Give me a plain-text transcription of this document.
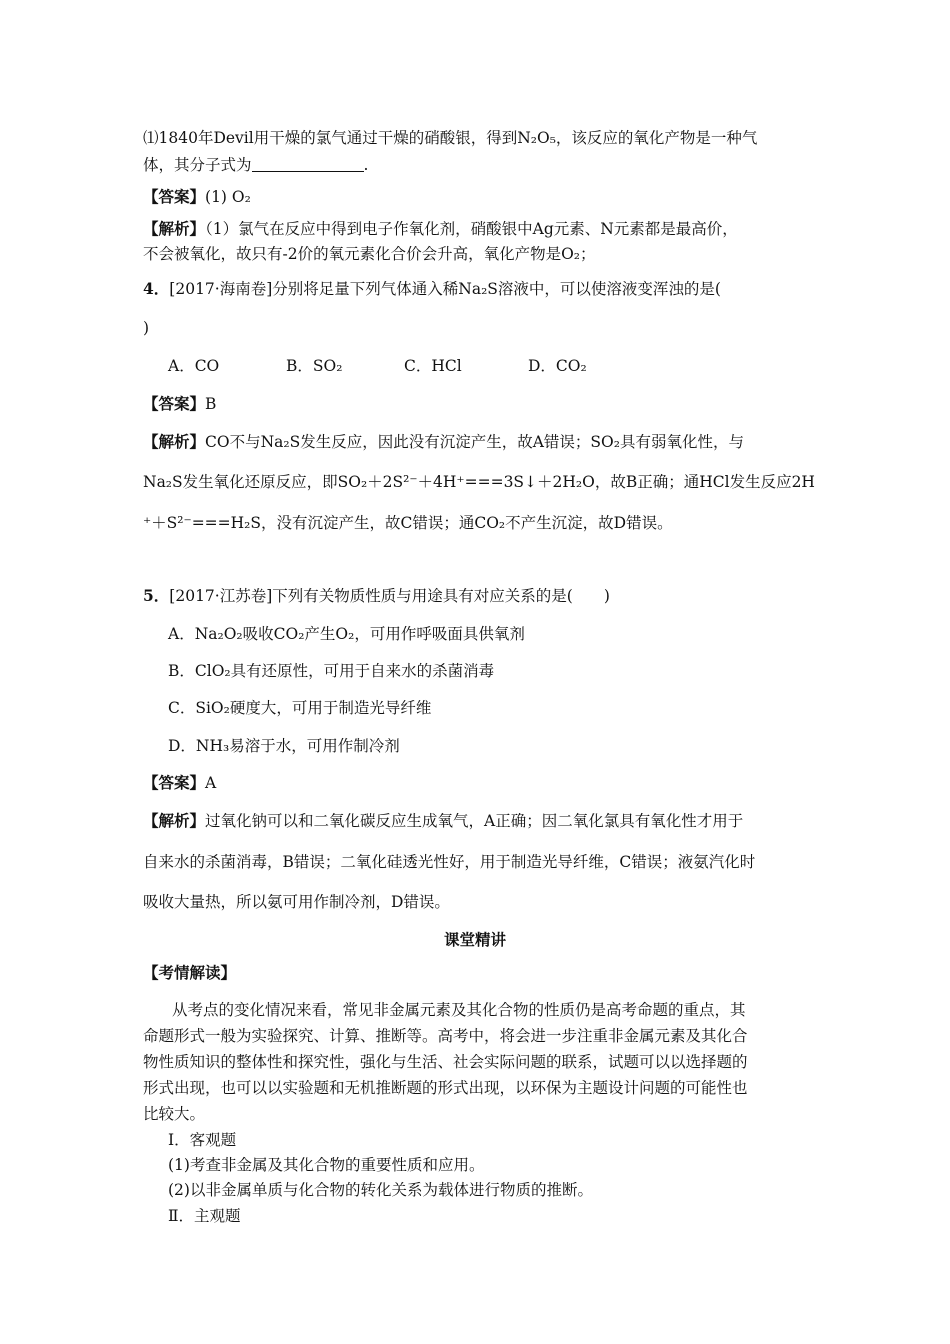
⑴1840年Devil用干燥的氯气通过干燥的硝酸银，得到N₂O₅，该反应的氧化产物是一种气
体，其分子式为	.
【答案】(1) O₂
【解析】（1）氯气在反应中得到电子作氧化剂，硝酸银中Ag元素、N元素都是最高价，
不会被氧化，故只有-2价的氧元素化合价会升高，氧化产物是O₂；
4．[2017·海南卷]分别将足量下列气体通入稀Na₂S溶液中，可以使溶液变浑浊的是(
)
A．CO	B．SO₂	C．HCl	D．CO₂
【答案】B
【解析】CO不与Na₂S发生反应，因此没有沉淀产生，故A错误；SO₂具有弱氧化性，与
Na₂S发生氧化还原反应，即SO₂＋2S²⁻＋4H⁺===3S↓＋2H₂O，故B正确；通HCl发生反应2H
⁺＋S²⁻===H₂S，没有沉淀产生，故C错误；通CO₂不产生沉淀，故D错误。
5．[2017·江苏卷]下列有关物质性质与用途具有对应关系的是(　　)
A．Na₂O₂吸收CO₂产生O₂，可用作呼吸面具供氧剂
B．ClO₂具有还原性，可用于自来水的杀菌消毒
C．SiO₂硬度大，可用于制造光导纤维
D．NH₃易溶于水，可用作制冷剂
【答案】A
【解析】过氧化钠可以和二氧化碳反应生成氧气，A正确；因二氧化氯具有氧化性才用于
自来水的杀菌消毒，B错误；二氧化硅透光性好，用于制造光导纤维，C错误；液氨汽化时
吸收大量热，所以氨可用作制冷剂，D错误。
课堂精讲
【考情解读】
从考点的变化情况来看，常见非金属元素及其化合物的性质仍是高考命题的重点，其
命题形式一般为实验探究、计算、推断等。高考中，将会进一步注重非金属元素及其化合
物性质知识的整体性和探究性，强化与生活、社会实际问题的联系，试题可以以选择题的
形式出现，也可以以实验题和无机推断题的形式出现，以环保为主题设计问题的可能性也
比较大。
Ⅰ．客观题
(1)考查非金属及其化合物的重要性质和应用。
(2)以非金属单质与化合物的转化关系为载体进行物质的推断。
Ⅱ．主观题
